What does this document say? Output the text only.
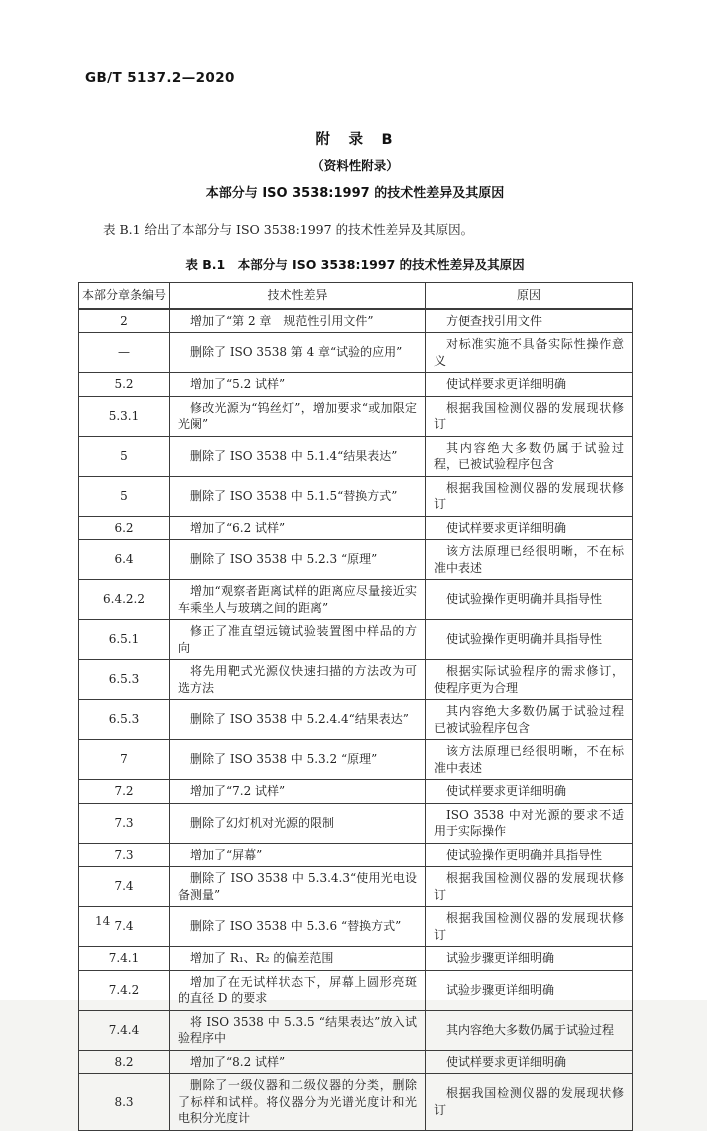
GB/T 5137.2—2020
附　录　B
（资料性附录）
本部分与 ISO 3538:1997 的技术性差异及其原因

表 B.1 给出了本部分与 ISO 3538:1997 的技术性差异及其原因。

表 B.1　本部分与 ISO 3538:1997 的技术性差异及其原因
本部分章条编号	技术性差异	原因
2	增加了“第 2 章　规范性引用文件”	方便查找引用文件
—	删除了 ISO 3538 第 4 章“试验的应用”	对标准实施不具备实际性操作意义
5.2	增加了“5.2 试样”	使试样要求更详细明确
5.3.1	修改光源为“钨丝灯”，增加要求“或加限定光阑”	根据我国检测仪器的发展现状修订
5	删除了 ISO 3538 中 5.1.4“结果表达”	其内容绝大多数仍属于试验过程，已被试验程序包含
5	删除了 ISO 3538 中 5.1.5“替换方式”	根据我国检测仪器的发展现状修订
6.2	增加了“6.2 试样”	使试样要求更详细明确
6.4	删除了 ISO 3538 中 5.2.3 “原理”	该方法原理已经很明晰，不在标准中表述
6.4.2.2	增加“观察者距离试样的距离应尽量接近实车乘坐人与玻璃之间的距离”	使试验操作更明确并具指导性
6.5.1	修正了准直望远镜试验装置图中样品的方向	使试验操作更明确并具指导性
6.5.3	将先用靶式光源仪快速扫描的方法改为可选方法	根据实际试验程序的需求修订，使程序更为合理
6.5.3	删除了 ISO 3538 中 5.2.4.4“结果表达”	其内容绝大多数仍属于试验过程已被试验程序包含
7	删除了 ISO 3538 中 5.3.2 “原理”	该方法原理已经很明晰，不在标准中表述
7.2	增加了“7.2 试样”	使试样要求更详细明确
7.3	删除了幻灯机对光源的限制	ISO 3538 中对光源的要求不适用于实际操作
7.3	增加了“屏幕”	使试验操作更明确并具指导性
7.4	删除了 ISO 3538 中 5.3.4.3“使用光电设备测量”	根据我国检测仪器的发展现状修订
7.4	删除了 ISO 3538 中 5.3.6 “替换方式”	根据我国检测仪器的发展现状修订
7.4.1	增加了 R₁、R₂ 的偏差范围	试验步骤更详细明确
7.4.2	增加了在无试样状态下，屏幕上圆形亮斑的直径 D 的要求	试验步骤更详细明确
7.4.4	将 ISO 3538 中 5.3.5 “结果表达”放入试验程序中	其内容绝大多数仍属于试验过程
8.2	增加了“8.2 试样”	使试样要求更详细明确
8.3	删除了一级仪器和二级仪器的分类，删除了标样和试样。将仪器分为光谱光度计和光电积分光度计	根据我国检测仪器的发展现状修订
14
